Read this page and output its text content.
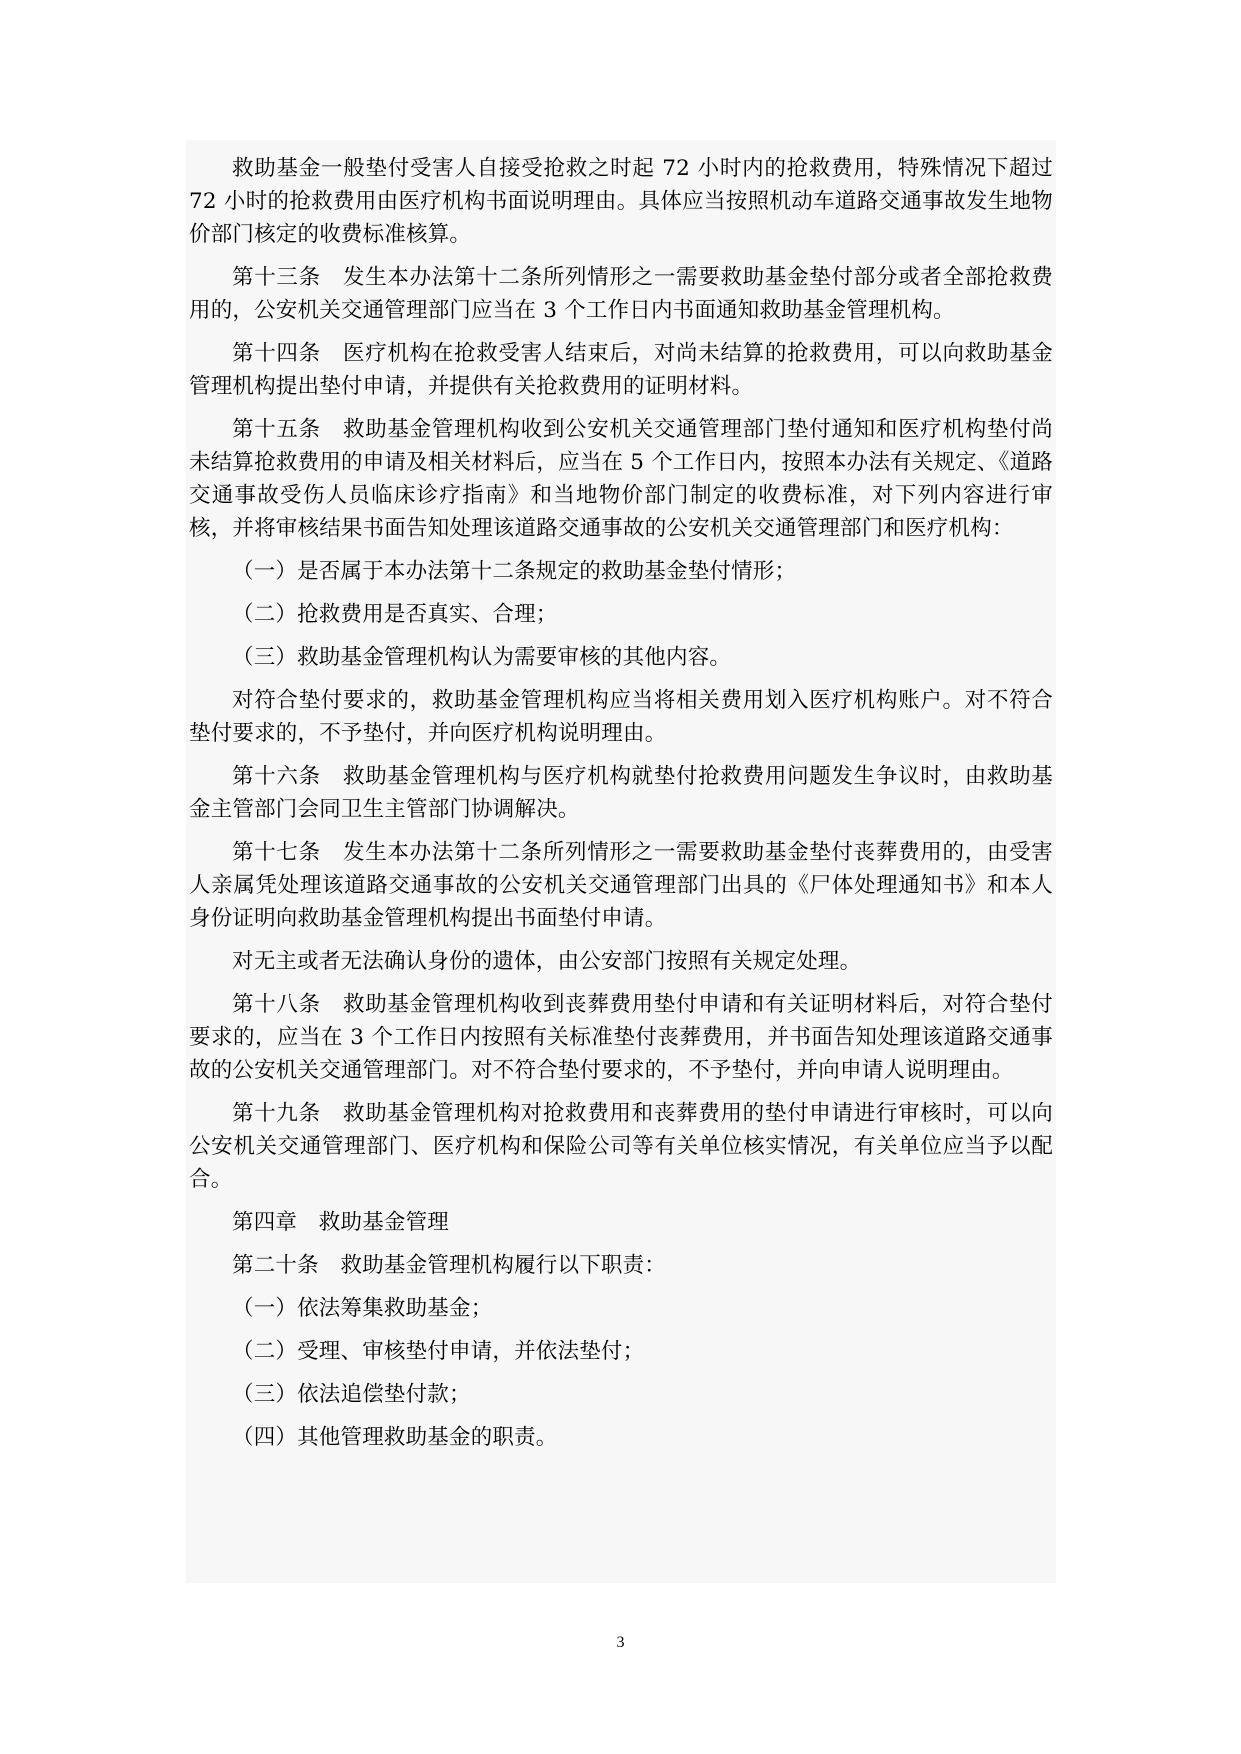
救助基金一般垫付受害人自接受抢救之时起 72 小时内的抢救费用，特殊情况下超过 72 小时的抢救费用由医疗机构书面说明理由。具体应当按照机动车道路交通事故发生地物价部门核定的收费标准核算。

第十三条　发生本办法第十二条所列情形之一需要救助基金垫付部分或者全部抢救费用的，公安机关交通管理部门应当在 3 个工作日内书面通知救助基金管理机构。

第十四条　医疗机构在抢救受害人结束后，对尚未结算的抢救费用，可以向救助基金管理机构提出垫付申请，并提供有关抢救费用的证明材料。

第十五条　救助基金管理机构收到公安机关交通管理部门垫付通知和医疗机构垫付尚未结算抢救费用的申请及相关材料后，应当在 5 个工作日内，按照本办法有关规定、《道路交通事故受伤人员临床诊疗指南》和当地物价部门制定的收费标准，对下列内容进行审核，并将审核结果书面告知处理该道路交通事故的公安机关交通管理部门和医疗机构：

（一）是否属于本办法第十二条规定的救助基金垫付情形；

（二）抢救费用是否真实、合理；

（三）救助基金管理机构认为需要审核的其他内容。

对符合垫付要求的，救助基金管理机构应当将相关费用划入医疗机构账户。对不符合垫付要求的，不予垫付，并向医疗机构说明理由。

第十六条　救助基金管理机构与医疗机构就垫付抢救费用问题发生争议时，由救助基金主管部门会同卫生主管部门协调解决。

第十七条　发生本办法第十二条所列情形之一需要救助基金垫付丧葬费用的，由受害人亲属凭处理该道路交通事故的公安机关交通管理部门出具的《尸体处理通知书》和本人身份证明向救助基金管理机构提出书面垫付申请。

对无主或者无法确认身份的遗体，由公安部门按照有关规定处理。

第十八条　救助基金管理机构收到丧葬费用垫付申请和有关证明材料后，对符合垫付要求的，应当在 3 个工作日内按照有关标准垫付丧葬费用，并书面告知处理该道路交通事故的公安机关交通管理部门。对不符合垫付要求的，不予垫付，并向申请人说明理由。

第十九条　救助基金管理机构对抢救费用和丧葬费用的垫付申请进行审核时，可以向公安机关交通管理部门、医疗机构和保险公司等有关单位核实情况，有关单位应当予以配合。

第四章　救助基金管理

第二十条　救助基金管理机构履行以下职责：

（一）依法筹集救助基金；

（二）受理、审核垫付申请，并依法垫付；

（三）依法追偿垫付款；

（四）其他管理救助基金的职责。

3
